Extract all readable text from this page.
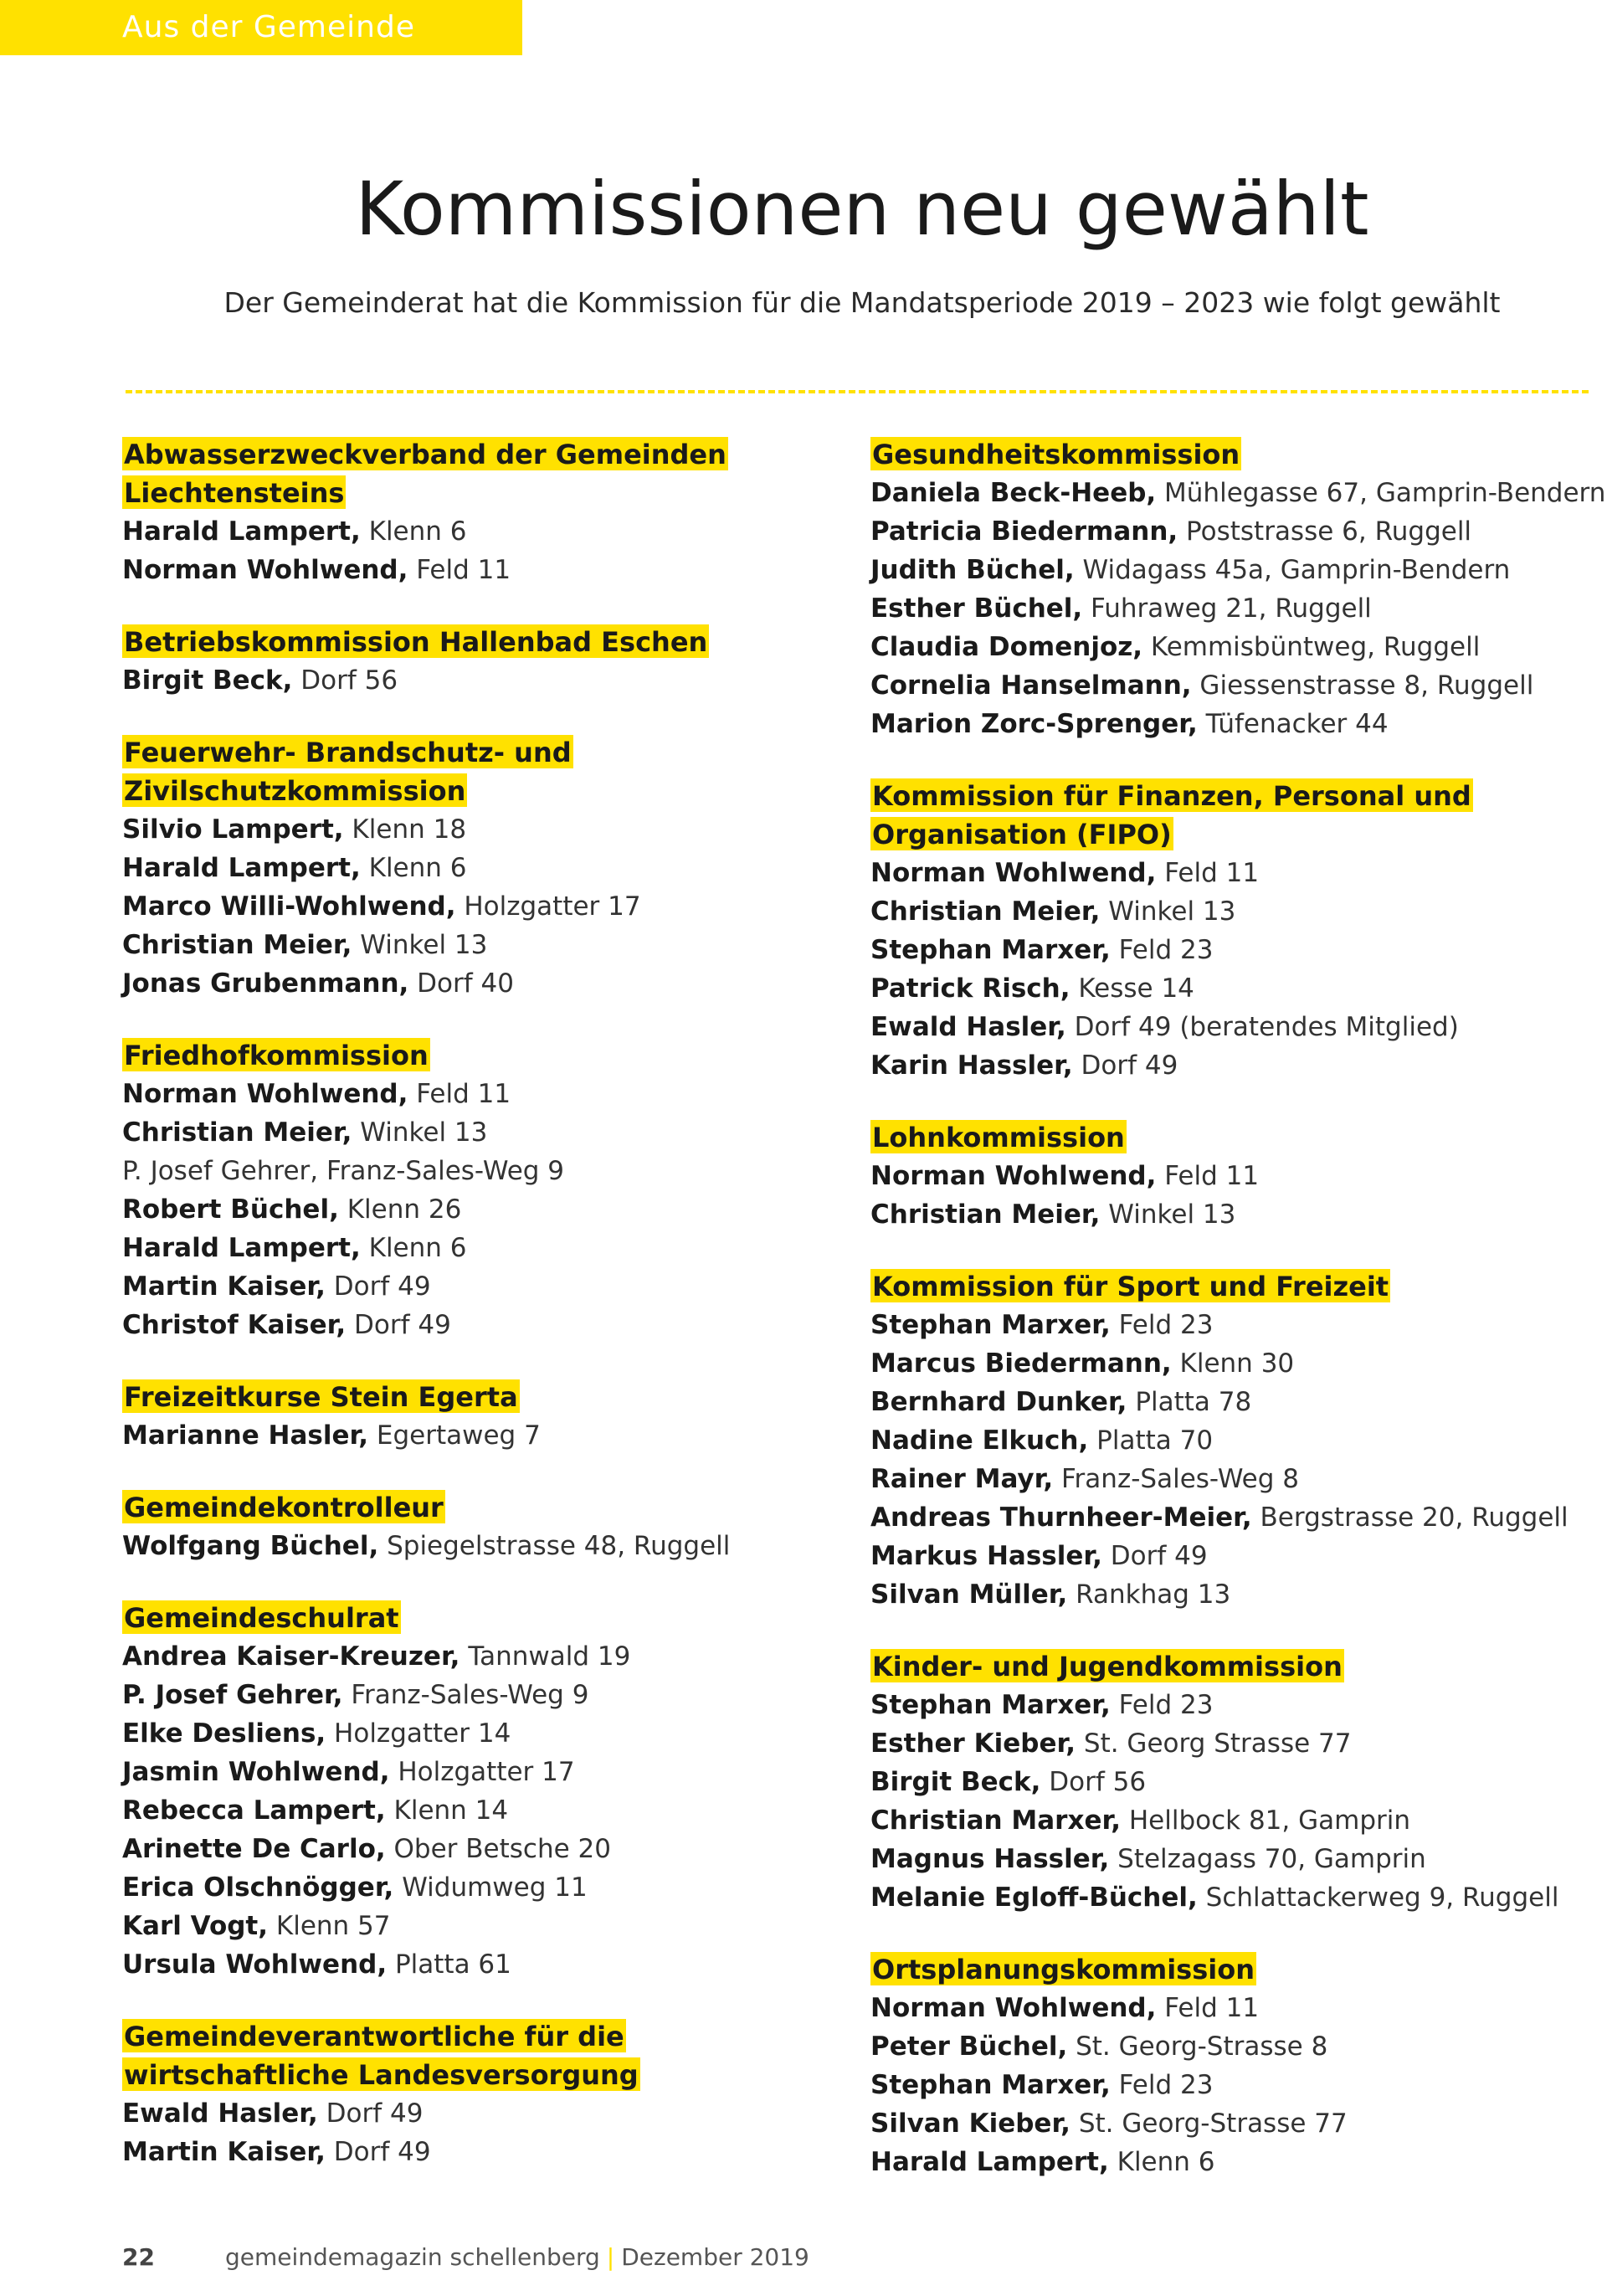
Aus der Gemeinde
Kommissionen neu gewählt
Der Gemeinderat hat die Kommission für die Mandatsperiode 2019 – 2023 wie folgt gewählt
Abwasserzweckverband der Gemeinden Liechtensteins
Harald Lampert, Klenn 6
Norman Wohlwend, Feld 11
Betriebskommission Hallenbad Eschen
Birgit Beck, Dorf 56
Feuerwehr- Brandschutz- und Zivilschutzkommission
Silvio Lampert, Klenn 18
Harald Lampert, Klenn 6
Marco Willi-Wohlwend, Holzgatter 17
Christian Meier, Winkel 13
Jonas Grubenmann, Dorf 40
Friedhofkommission
Norman Wohlwend, Feld 11
Christian Meier, Winkel 13
P. Josef Gehrer, Franz-Sales-Weg 9
Robert Büchel, Klenn 26
Harald Lampert, Klenn 6
Martin Kaiser, Dorf 49
Christof Kaiser, Dorf 49
Freizeitkurse Stein Egerta
Marianne Hasler, Egertaweg 7
Gemeindekontrolleur
Wolfgang Büchel, Spiegelstrasse 48, Ruggell
Gemeindeschulrat
Andrea Kaiser-Kreuzer, Tannwald 19
P. Josef Gehrer, Franz-Sales-Weg 9
Elke Desliens, Holzgatter 14
Jasmin Wohlwend, Holzgatter 17
Rebecca Lampert, Klenn 14
Arinette De Carlo, Ober Betsche 20
Erica Olschnögger, Widumweg 11
Karl Vogt, Klenn 57
Ursula Wohlwend, Platta 61
Gemeindeverantwortliche für die wirtschaftliche Landesversorgung
Ewald Hasler, Dorf 49
Martin Kaiser, Dorf 49
Gesundheitskommission
Daniela Beck-Heeb, Mühlegasse 67, Gamprin-Bendern
Patricia Biedermann, Poststrasse 6, Ruggell
Judith Büchel, Widagass 45a, Gamprin-Bendern
Esther Büchel, Fuhraweg 21, Ruggell
Claudia Domenjoz, Kemmisbüntweg, Ruggell
Cornelia Hanselmann, Giessenstrasse 8, Ruggell
Marion Zorc-Sprenger, Tüfenacker 44
Kommission für Finanzen, Personal und Organisation (FIPO)
Norman Wohlwend, Feld 11
Christian Meier, Winkel 13
Stephan Marxer, Feld 23
Patrick Risch, Kesse 14
Ewald Hasler, Dorf 49 (beratendes Mitglied)
Karin Hassler, Dorf 49
Lohnkommission
Norman Wohlwend, Feld 11
Christian Meier, Winkel 13
Kommission für Sport und Freizeit
Stephan Marxer, Feld 23
Marcus Biedermann, Klenn 30
Bernhard Dunker, Platta 78
Nadine Elkuch, Platta 70
Rainer Mayr, Franz-Sales-Weg 8
Andreas Thurnheer-Meier, Bergstrasse 20, Ruggell
Markus Hassler, Dorf 49
Silvan Müller, Rankhag 13
Kinder- und Jugendkommission
Stephan Marxer, Feld 23
Esther Kieber, St. Georg Strasse 77
Birgit Beck, Dorf 56
Christian Marxer, Hellbock 81, Gamprin
Magnus Hassler, Stelzagass 70, Gamprin
Melanie Egloff-Büchel, Schlattackerweg 9, Ruggell
Ortsplanungskommission
Norman Wohlwend, Feld 11
Peter Büchel, St. Georg-Strasse 8
Stephan Marxer, Feld 23
Silvan Kieber, St. Georg-Strasse 77
Harald Lampert, Klenn 6
22	gemeindemagazin schellenberg | Dezember 2019
